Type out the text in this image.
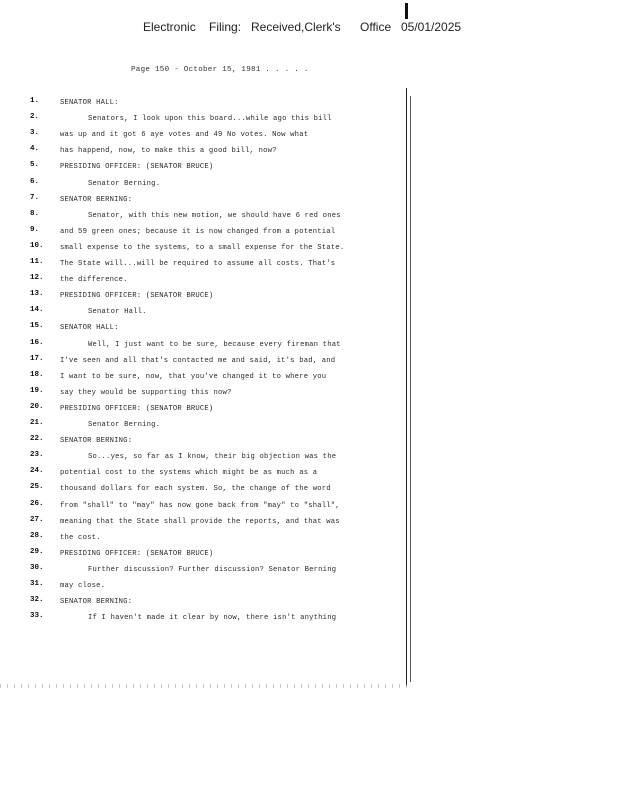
Electronic Filing: Received,Clerk's Office 05/01/2025
Page 150 - October 15, 1981 . . . . .
1.	SENATOR HALL:
2.	Senators, I look upon this board...while ago this bill
3.	was up and it got 6 aye votes and 49 No votes. Now what
4.	has happend, now, to make this a good bill, now?
5.	PRESIDING OFFICER: (SENATOR BRUCE)
6.	Senator Berning.
7.	SENATOR BERNING:
8.	Senator, with this new motion, we should have 6 red ones
9.	and 59 green ones; because it is now changed from a potential
10.	small expense to the systems, to a small expense for the State.
11.	The State will...will be required to assume all costs. That's
12.	the difference.
13.	PRESIDING OFFICER: (SENATOR BRUCE)
14.	Senator Hall.
15.	SENATOR HALL:
16.	Well, I just want to be sure, because every fireman that
17.	I've seen and all that's contacted me and said, it's bad, and
18.	I want to be sure, now, that you've changed it to where you
19.	say they would be supporting this now?
20.	PRESIDING OFFICER: (SENATOR BRUCE)
21.	Senator Berning.
22.	SENATOR BERNING:
23.	So...yes, so far as I know, their big objection was the
24.	potential cost to the systems which might be as much as a
25.	thousand dollars for each system. So, the change of the word
26.	from "shall" to "may" has now gone back from "may" to "shall",
27.	meaning that the State shall provide the reports, and that was
28.	the cost.
29.	PRESIDING OFFICER: (SENATOR BRUCE)
30.	Further discussion? Further discussion? Senator Berning
31.	may close.
32.	SENATOR BERNING:
33.	If I haven't made it clear by now, there isn't anything
